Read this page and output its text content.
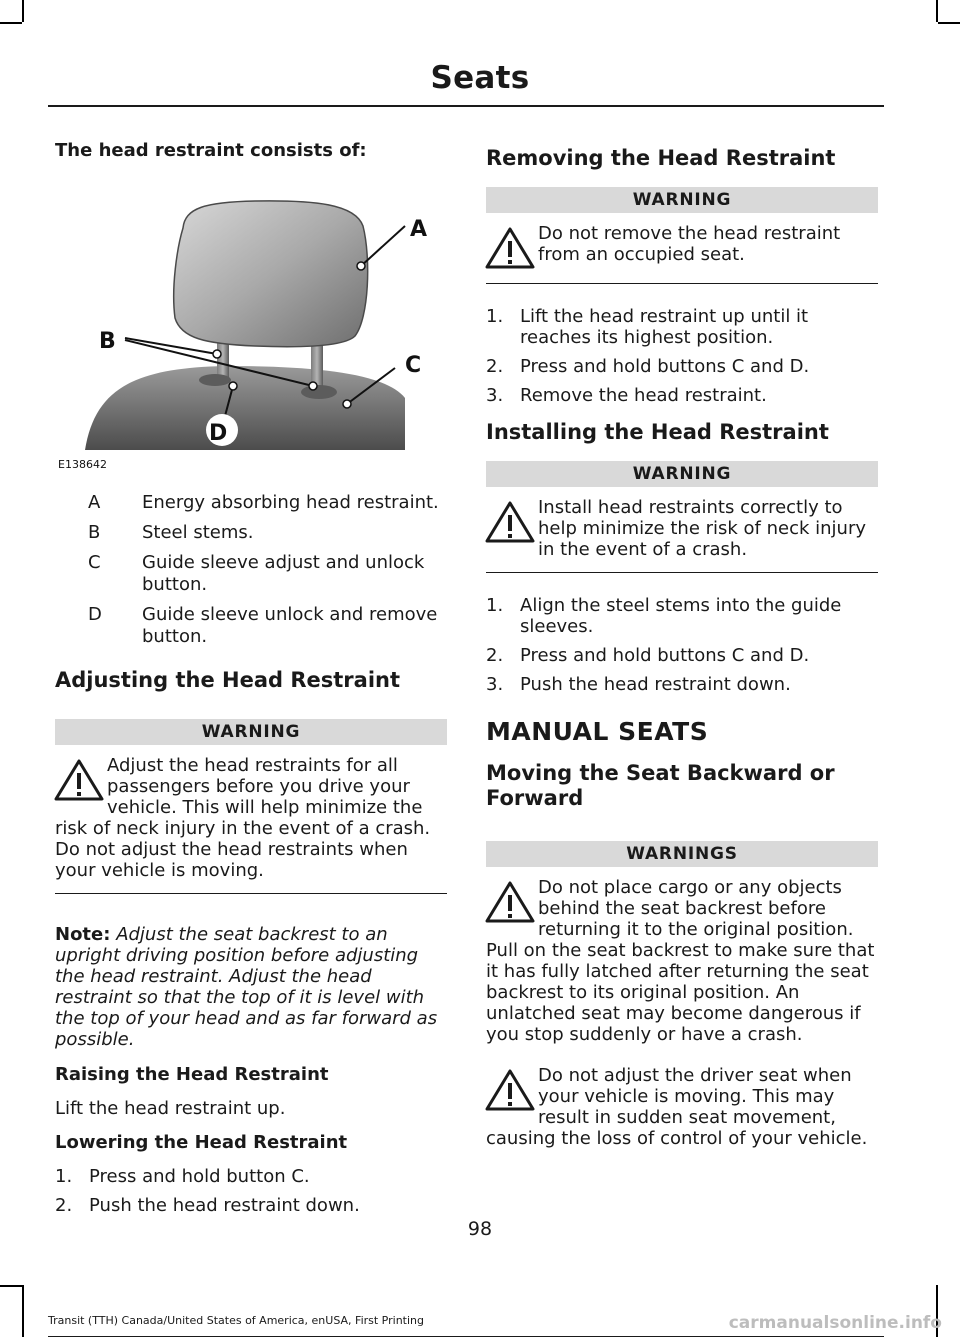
Seats

The head restraint consists of:

A
B
C
D
E138642
A	Energy absorbing head restraint.
B	Steel stems.
C	Guide sleeve adjust and unlock button.
D	Guide sleeve unlock and remove button.
Adjusting the Head Restraint
WARNING
Adjust the head restraints for all passengers before you drive your vehicle. This will help minimize the risk of neck injury in the event of a crash. Do not adjust the head restraints when your vehicle is moving.

Note: Adjust the seat backrest to an upright driving position before adjusting the head restraint. Adjust the head restraint so that the top of it is level with the top of your head and as far forward as possible.

Raising the Head Restraint

Lift the head restraint up.

Lowering the Head Restraint

1. Press and hold button C.
2. Push the head restraint down.
Removing the Head Restraint
WARNING
Do not remove the head restraint from an occupied seat.
1. Lift the head restraint up until it reaches its highest position.
2. Press and hold buttons C and D.
3. Remove the head restraint.
Installing the Head Restraint
WARNING
Install head restraints correctly to help minimize the risk of neck injury in the event of a crash.
1. Align the steel stems into the guide sleeves.
2. Press and hold buttons C and D.
3. Push the head restraint down.
MANUAL SEATS
Moving the Seat Backward or Forward
WARNINGS
Do not place cargo or any objects behind the seat backrest before returning it to the original position. Pull on the seat backrest to make sure that it has fully latched after returning the seat backrest to its original position. An unlatched seat may become dangerous if you stop suddenly or have a crash.
Do not adjust the driver seat when your vehicle is moving. This may result in sudden seat movement, causing the loss of control of your vehicle.
98
Transit (TTH) Canada/United States of America, enUSA, First Printing	carmanualsonline.info
